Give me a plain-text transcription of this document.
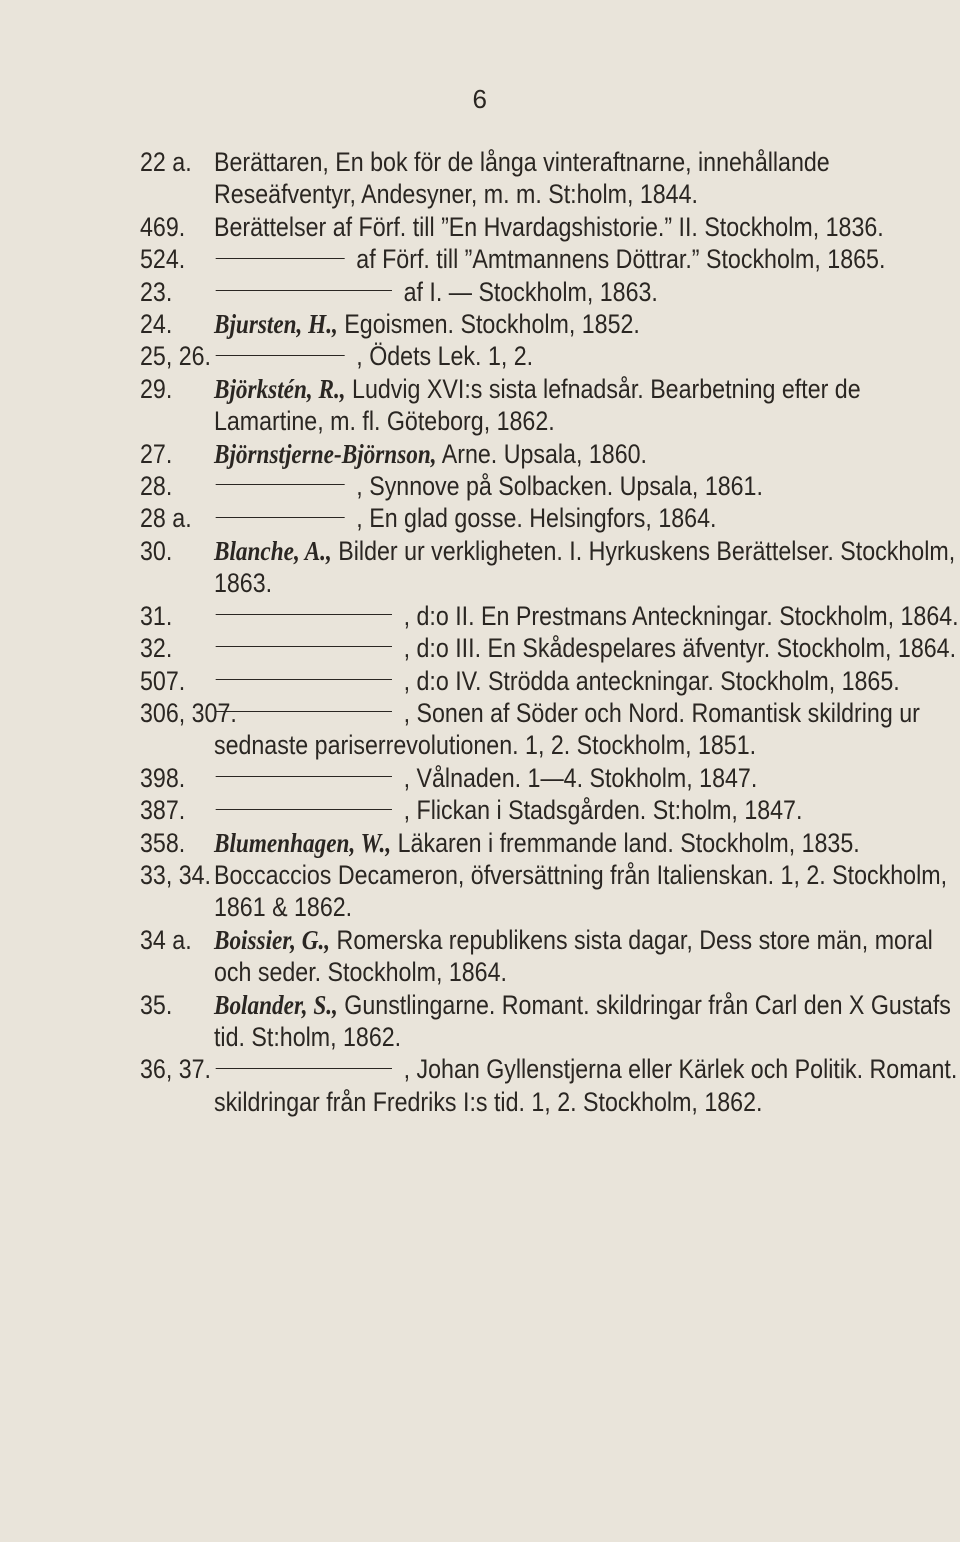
6
22 a. Berättaren, En bok för de långa vinteraftnarne, innehållande Reseäfventyr, Andesyner, m. m. St:holm, 1844.
469. Berättelser af Förf. till ”En Hvardagshistorie.” II. Stockholm, 1836.
524.	af Förf. till ”Amtmannens Döttrar.” Stockholm, 1865.
23.	af I. — Stockholm, 1863.
24. Bjursten, H., Egoismen. Stockholm, 1852.
25, 26.	, Ödets Lek. 1, 2.
29. Björkstén, R., Ludvig XVI:s sista lefnadsår. Bearbetning efter de Lamartine, m. fl. Göteborg, 1862.
27. Björnstjerne-Björnson, Arne. Upsala, 1860.
28.	, Synnove på Solbacken. Upsala, 1861.
28 a.	, En glad gosse. Helsingfors, 1864.
30. Blanche, A., Bilder ur verkligheten. I. Hyrkuskens Berättelser. Stockholm, 1863.
31.	, d:o II. En Prestmans Anteckningar. Stockholm, 1864.
32.	, d:o III. En Skådespelares äfventyr. Stockholm, 1864.
507.	, d:o IV. Strödda anteckningar. Stockholm, 1865.
306, 307.	, Sonen af Söder och Nord. Romantisk skildring ur sednaste pariserrevolutionen. 1, 2. Stockholm, 1851.
398.	, Vålnaden. 1—4. Stokholm, 1847.
387.	, Flickan i Stadsgården. St:holm, 1847.
358. Blumenhagen, W., Läkaren i fremmande land. Stockholm, 1835.
33, 34. Boccaccios Decameron, öfversättning från Italienskan. 1, 2. Stockholm, 1861 & 1862.
34 a. Boissier, G., Romerska republikens sista dagar, Dess store män, moral och seder. Stockholm, 1864.
35. Bolander, S., Gunstlingarne. Romant. skildringar från Carl den X Gustafs tid. St:holm, 1862.
36, 37.	, Johan Gyllenstjerna eller Kärlek och Politik. Romant. skildringar från Fredriks I:s tid. 1, 2. Stockholm, 1862.
